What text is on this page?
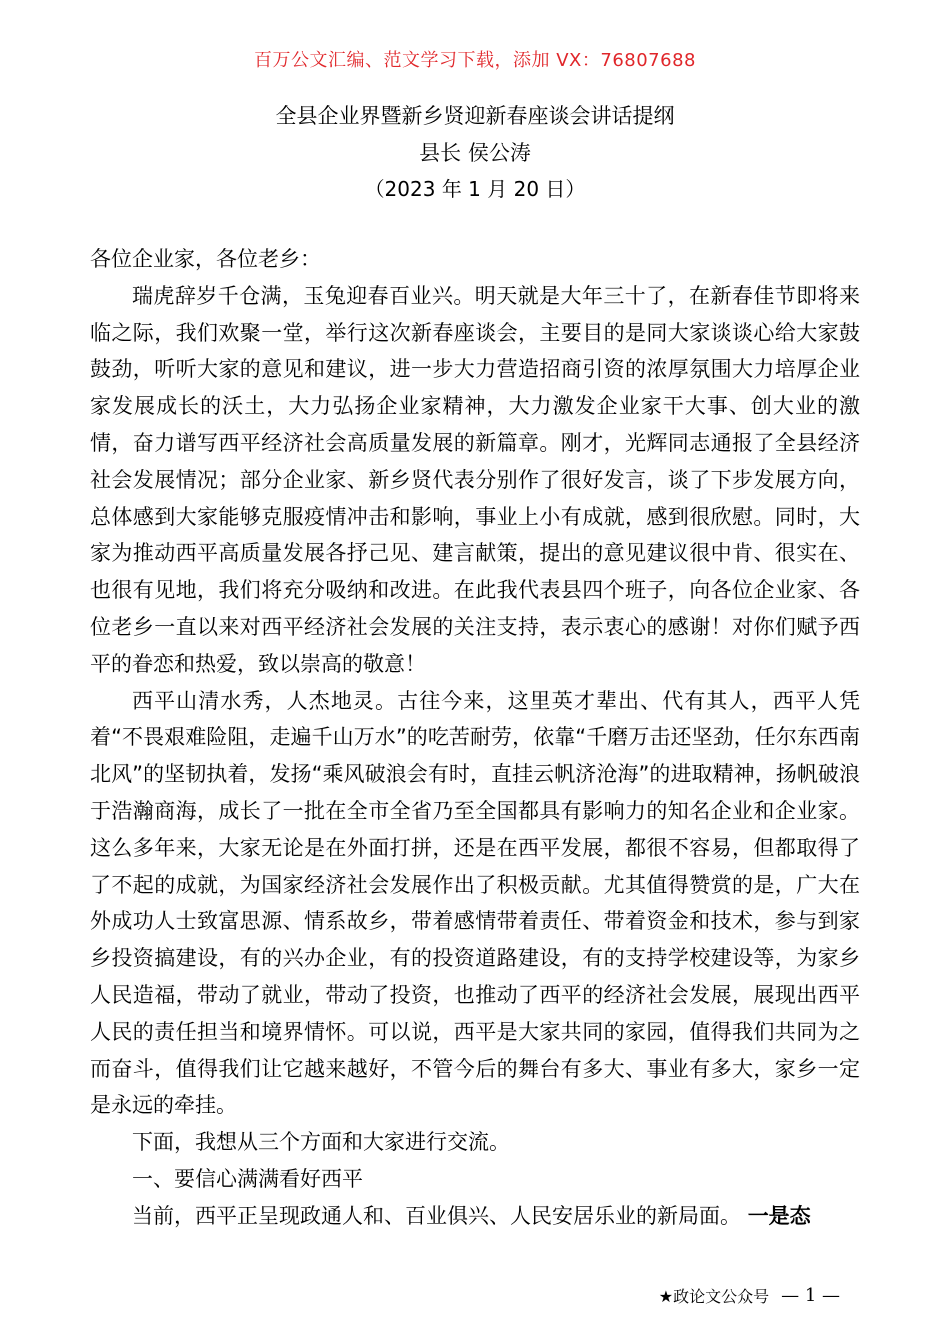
百万公文汇编、范文学习下载，添加 VX：76807688
全县企业界暨新乡贤迎新春座谈会讲话提纲
县长 侯公涛
（2023 年 1 月 20 日）

各位企业家，各位老乡：

瑞虎辞岁千仓满，玉兔迎春百业兴。明天就是大年三十了，在新春佳节即将来临之际，我们欢聚一堂，举行这次新春座谈会，主要目的是同大家谈谈心给大家鼓鼓劲，听听大家的意见和建议，进一步大力营造招商引资的浓厚氛围大力培厚企业家发展成长的沃土，大力弘扬企业家精神，大力激发企业家干大事、创大业的激情，奋力谱写西平经济社会高质量发展的新篇章。刚才，光辉同志通报了全县经济社会发展情况；部分企业家、新乡贤代表分别作了很好发言，谈了下步发展方向，总体感到大家能够克服疫情冲击和影响，事业上小有成就，感到很欣慰。同时，大家为推动西平高质量发展各抒己见、建言献策，提出的意见建议很中肯、很实在、也很有见地，我们将充分吸纳和改进。在此我代表县四个班子，向各位企业家、各位老乡一直以来对西平经济社会发展的关注支持，表示衷心的感谢！对你们赋予西平的眷恋和热爱，致以崇高的敬意！

西平山清水秀，人杰地灵。古往今来，这里英才辈出、代有其人，西平人凭着“不畏艰难险阻，走遍千山万水”的吃苦耐劳，依靠“千磨万击还坚劲，任尔东西南北风”的坚韧执着，发扬“乘风破浪会有时，直挂云帆济沧海”的进取精神，扬帆破浪于浩瀚商海，成长了一批在全市全省乃至全国都具有影响力的知名企业和企业家。这么多年来，大家无论是在外面打拼，还是在西平发展，都很不容易，但都取得了了不起的成就，为国家经济社会发展作出了积极贡献。尤其值得赞赏的是，广大在外成功人士致富思源、情系故乡，带着感情带着责任、带着资金和技术，参与到家乡投资搞建设，有的兴办企业，有的投资道路建设，有的支持学校建设等，为家乡人民造福，带动了就业，带动了投资，也推动了西平的经济社会发展，展现出西平人民的责任担当和境界情怀。可以说，西平是大家共同的家园，值得我们共同为之而奋斗，值得我们让它越来越好，不管今后的舞台有多大、事业有多大，家乡一定是永远的牵挂。

下面，我想从三个方面和大家进行交流。

一、要信心满满看好西平

当前，西平正呈现政通人和、百业俱兴、人民安居乐业的新局面。 一是态

★政论文公众号 — 1 —
